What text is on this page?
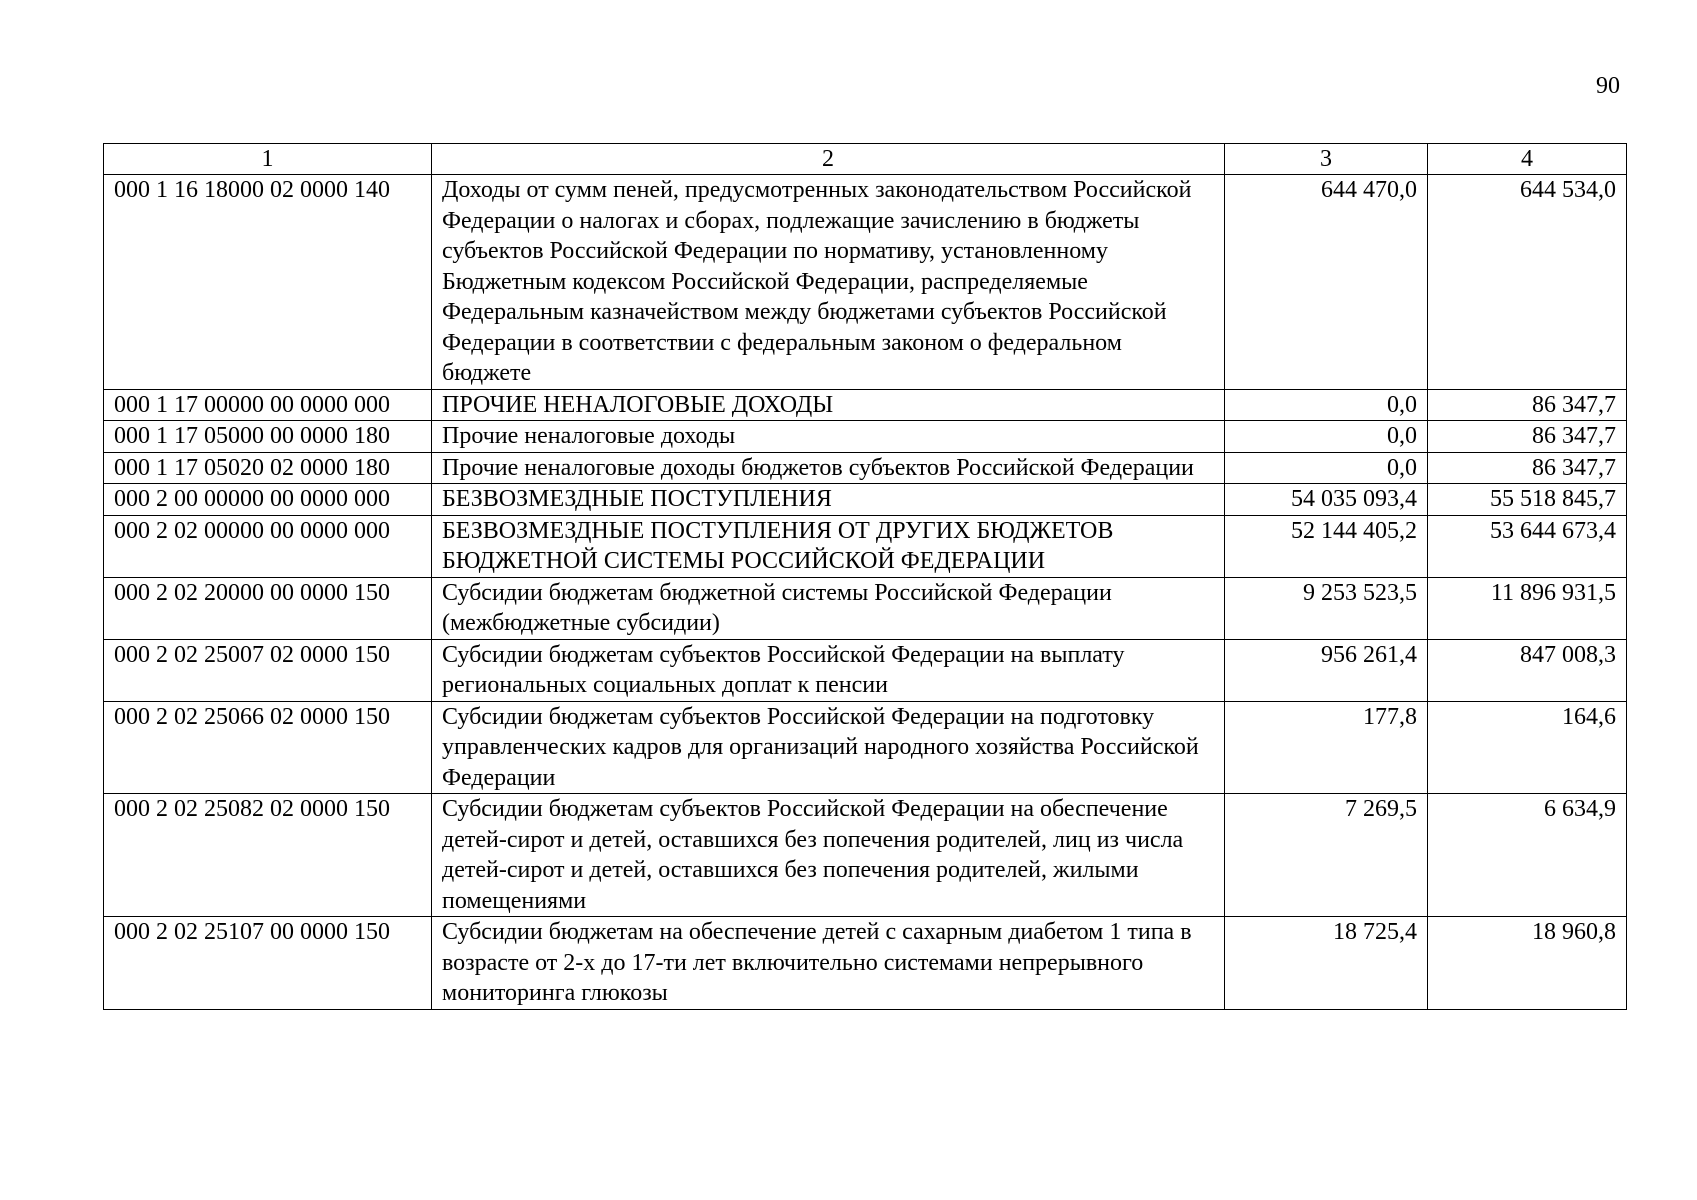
90
1	2	3	4
000 1 16 18000 02 0000 140	Доходы от сумм пеней, предусмотренных законодательством Российской Федерации о налогах и сборах, подлежащие зачислению в бюджеты субъектов Российской Федерации по нормативу, установленному Бюджетным кодексом Российской Федерации, распределяемые Федеральным казначейством между бюджетами субъектов Российской Федерации в соответствии с федеральным законом о федеральном бюджете	644 470,0	644 534,0
000 1 17 00000 00 0000 000	ПРОЧИЕ НЕНАЛОГОВЫЕ ДОХОДЫ	0,0	86 347,7
000 1 17 05000 00 0000 180	Прочие неналоговые доходы	0,0	86 347,7
000 1 17 05020 02 0000 180	Прочие неналоговые доходы бюджетов субъектов Российской Федерации	0,0	86 347,7
000 2 00 00000 00 0000 000	БЕЗВОЗМЕЗДНЫЕ ПОСТУПЛЕНИЯ	54 035 093,4	55 518 845,7
000 2 02 00000 00 0000 000	БЕЗВОЗМЕЗДНЫЕ ПОСТУПЛЕНИЯ ОТ ДРУГИХ БЮДЖЕТОВ БЮДЖЕТНОЙ СИСТЕМЫ РОССИЙСКОЙ ФЕДЕРАЦИИ	52 144 405,2	53 644 673,4
000 2 02 20000 00 0000 150	Субсидии бюджетам бюджетной системы Российской Федерации (межбюджетные субсидии)	9 253 523,5	11 896 931,5
000 2 02 25007 02 0000 150	Субсидии бюджетам субъектов Российской Федерации на выплату региональных социальных доплат к пенсии	956 261,4	847 008,3
000 2 02 25066 02 0000 150	Субсидии бюджетам субъектов Российской Федерации на подготовку управленческих кадров для организаций народного хозяйства Российской Федерации	177,8	164,6
000 2 02 25082 02 0000 150	Субсидии бюджетам субъектов Российской Федерации на обеспечение детей-сирот и детей, оставшихся без попечения родителей, лиц из числа детей-сирот и детей, оставшихся без попечения родителей, жилыми помещениями	7 269,5	6 634,9
000 2 02 25107 00 0000 150	Субсидии бюджетам на обеспечение детей с сахарным диабетом 1 типа в возрасте от 2-х до 17-ти лет включительно системами непрерывного мониторинга глюкозы	18 725,4	18 960,8
